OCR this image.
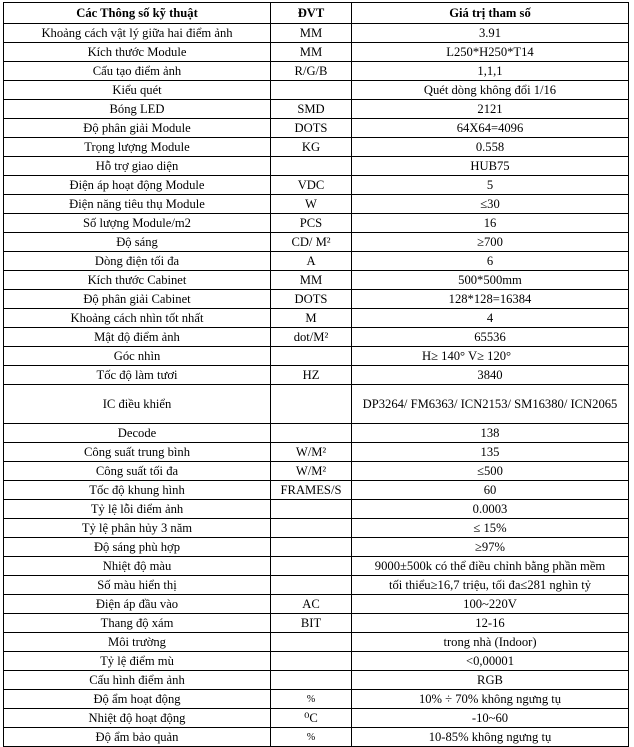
Các Thông số kỹ thuật	ĐVT	Giá trị tham số
Khoảng cách vật lý giữa hai điểm ảnh	MM	3.91
Kích thước Module	MM	L250*H250*T14
Cấu tạo điểm ảnh	R/G/B	1,1,1
Kiểu quét		Quét dòng không đổi 1/16
Bóng LED	SMD	2121
Độ phân giải Module	DOTS	64X64=4096
Trọng lượng Module	KG	0.558
Hỗ trợ giao diện		HUB75
Điện áp hoạt động Module	VDC	5
Điện năng tiêu thụ Module	W	≤30
Số lượng Module/m2	PCS	16
Độ sáng	CD/ M²	≥700
Dòng điện tối đa	A	6
Kích thước Cabinet	MM	500*500mm
Độ phân giải Cabinet	DOTS	128*128=16384
Khoảng cách nhìn tốt nhất	M	4
Mật độ điểm ảnh	dot/M²	65536
Góc nhìn		H≥ 140° V≥ 120°
Tốc độ làm tươi	HZ	3840
IC điều khiển		DP3264/ FM6363/ ICN2153/ SM16380/ ICN2065
Decode		138
Công suất trung bình	W/M²	135
Công suất tối đa	W/M²	≤500
Tốc độ khung hình	FRAMES/S	60
Tỷ lệ lỗi điểm ảnh		0.0003
Tỷ lệ phân hủy 3 năm		≤ 15%
Độ sáng phù hợp		≥97%
Nhiệt độ màu		9000±500k có thể điều chỉnh bằng phần mềm
Số màu hiển thị		tối thiểu≥16,7 triệu, tối đa≤281 nghìn tỷ
Điện áp đầu vào	AC	100~220V
Thang độ xám	BIT	12-16
Môi trường		trong nhà (Indoor)
Tỷ lệ điểm mù		<0,00001
Cấu hình điểm ảnh		RGB
Độ ẩm hoạt động	%	10% ÷ 70% không ngưng tụ
Nhiệt độ hoạt động	⁰C	-10~60
Độ ẩm bảo quản	%	10-85% không ngưng tụ
